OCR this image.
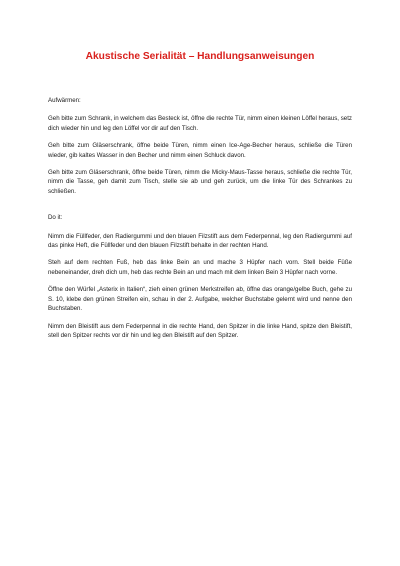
Akustische Serialität – Handlungsanweisungen

Aufwärmen:

Geh bitte zum Schrank, in welchem das Besteck ist, öffne die rechte Tür, nimm einen kleinen Löffel heraus, setz dich wieder hin und leg den Löffel vor dir auf den Tisch.

Geh bitte zum Gläserschrank, öffne beide Türen, nimm einen Ice-Age-Becher heraus, schließe die Türen wieder, gib kaltes Wasser in den Becher und nimm einen Schluck davon.

Geh bitte zum Gläserschrank, öffne beide Türen, nimm die Micky-Maus-Tasse heraus, schließe die rechte Tür, nimm die Tasse, geh damit zum Tisch, stelle sie ab und geh zurück, um die linke Tür des Schrankes zu schließen.

Do it:

Nimm die Füllfeder, den Radiergummi und den blauen Filzstift aus dem Federpennal, leg den Radiergummi auf das pinke Heft, die Füllfeder und den blauen Filzstift behalte in der rechten Hand.

Steh auf dem rechten Fuß, heb das linke Bein an und mache 3 Hüpfer nach vorn. Stell beide Füße nebeneinander, dreh dich um, heb das rechte Bein an und mach mit dem linken Bein 3 Hüpfer nach vorne.

Öffne den Würfel „Asterix in Italien“, zieh einen grünen Merkstreifen ab, öffne das orange/gelbe Buch, gehe zu S. 10, klebe den grünen Streifen ein, schau in der 2. Aufgabe, welcher Buchstabe gelernt wird und nenne den Buchstaben.

Nimm den Bleistift aus dem Federpennal in die rechte Hand, den Spitzer in die linke Hand, spitze den Bleistift, stell den Spitzer rechts vor dir hin und leg den Bleistift auf den Spitzer.
